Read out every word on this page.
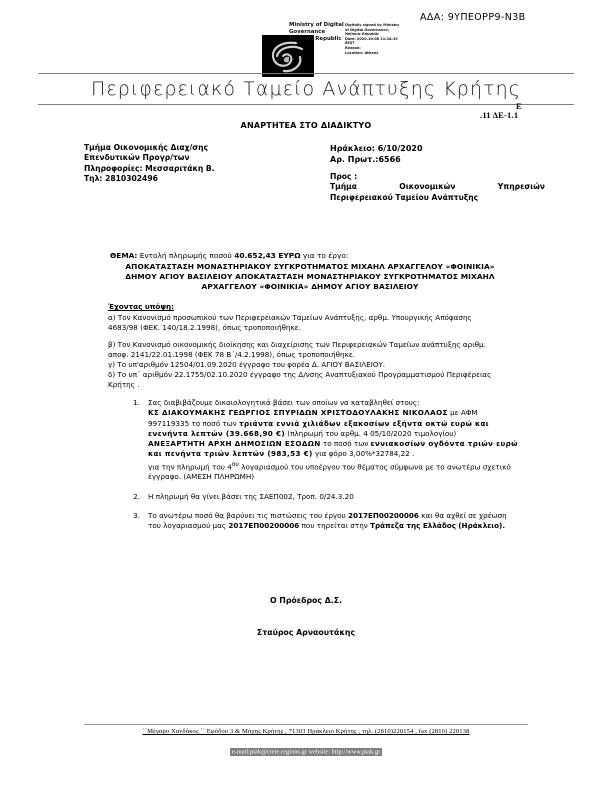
ΑΔΑ: 9ΥΠΕΟΡΡ9-Ν3Β
Ministry of Digital
Governance
Hellenic Republic
Digitally signed by Ministry
of Digital Governance,
Hellenic Republic
Date: 2020.10.08 11:24:19
EEST
Reason:
Location: Athens
Περιφερειακό Ταμείο Ανάπτυξης Κρήτης
Ε
.11 ΔΕ-1.1
ΑΝΑΡΤΗΤΕΑ ΣΤΟ ΔΙΑΔΙΚΤΥΟ
Τμήμα Οικονομικής Διαχ/σης
Επενδυτικών Προγρ/των
Πληροφορίες: Μεσσαριτάκη Β.
Τηλ: 2810302496
Ηράκλειο: 6/10/2020
Αρ. Πρωτ.:6566
Προς :
Τμήμα	Οικονομικών	Υπηρεσιών
Περιφερειακού Ταμείου Ανάπτυξης
ΘΕΜΑ: Εντολή πληρωμής ποσού 40.652,43 ΕΥΡΩ για το έργο:
ΑΠΟΚΑΤΑΣΤΑΣΗ ΜΟΝΑΣΤΗΡΙΑΚΟΥ ΣΥΓΚΡΟΤΗΜΑΤΟΣ ΜΙΧΑΗΛ ΑΡΧΑΓΓΕΛΟΥ «ΦΟΙΝΙΚΙΑ»
ΔΗΜΟΥ ΑΓΙΟΥ ΒΑΣΙΛΕΙΟΥ ΑΠΟΚΑΤΑΣΤΑΣΗ ΜΟΝΑΣΤΗΡΙΑΚΟΥ ΣΥΓΚΡΟΤΗΜΑΤΟΣ ΜΙΧΑΗΛ
ΑΡΧΑΓΓΕΛΟΥ «ΦΟΙΝΙΚΙΑ» ΔΗΜΟΥ ΑΓΙΟΥ ΒΑΣΙΛΕΙΟΥ
Έχοντας υπόψη:
α) Τον Κανονισμό προσωπικού των Περιφερειακών Ταμείων Ανάπτυξης, αρθμ. Υπουργικής Απόφασης
4683/98 (ΦΕΚ. 140/18.2.1998), όπως τροποποιήθηκε.
β) Τον Κανονισμό οικονομικής διοίκησης και διαχείρισης των Περιφερειακών Ταμείων ανάπτυξης αριθμ.
αποφ. 2141/22.01.1998 (ΦΕΚ 78 Β΄/4.2.1998), όπως τροποποιήθηκε.
γ) Το υπ'αριθμόν 12504/01.09.2020 έγγραφο του φορέα Δ. ΑΓΙΟΥ ΒΑΣΙΛΕΙΟΥ.
δ) Το υπ΄ αριθμόν 22.1755/02.10.2020 έγγραφο της Δ/νσης Αναπτυξιακού Προγραμματισμού Περιφέρειας
Κρήτης .
1.	Σας διαβιβάζουμε δικαιολογητικά βάσει των οποίων να καταβληθεί στους:
ΚΣ ΔΙΑΚΟΥΜΑΚΗΣ ΓΕΩΡΓΙΟΣ ΣΠΥΡΙΔΩΝ ΧΡΙΣΤΟΔΟΥΛΑΚΗΣ ΝΙΚΟΛΑΟΣ με ΑΦΜ 997119335 το ποσό των τριάντα εννιά χιλιάδων εξακοσίων εξήντα οκτώ ευρώ και ενενήντα λεπτών (39.668,90 €) (πληρωμή του αρθμ. 4 05/10/2020 τιμολογίου)
ΑΝΕΞΑΡΤΗΤΗ ΑΡΧΗ ΔΗΜΟΣΙΩΝ ΕΣΟΔΩΝ το ποσό των εννιακοσίων ογδόντα τριών ευρώ και πενήντα τριών λεπτών (983,53 €) για φόρο 3,00%*32784,22 .
για την πληρωμή του $4^{o\upsilon}$ λογαριασμού του υποέργου του θέματος σύμφωνα με το ανωτέρω σχετικό έγγραφο. (ΑΜΕΣΗ ΠΛΗΡΩΜΗ)
2.	Η πληρωμή θα γίνει βάσει της ΣΑΕΠ002, Τροπ. 0/24.3.20
3.	Το ανωτέρω ποσό θα βαρύνει τις πιστώσεις του έργου 2017ΕΠ00200006 και θα αχθεί σε χρέωση του λογαριασμού μας 2017ΕΠ00200006 που τηρείται στην Τράπεζα της Ελλάδος (Ηράκλειο).
Ο Πρόεδρος Δ.Σ.
Σταύρος Αρναουτάκης
΄΄Μέγαρο Χανδάκος ΄΄ Εφόδου 3 & Μάχης Κρήτης , 71303 Ηράκλειο Κρήτης , τηλ. (2810)220154 , fax (2810) 220138
e-mail:ptak@crete.regions.gr website: http://www.ptak.gr
